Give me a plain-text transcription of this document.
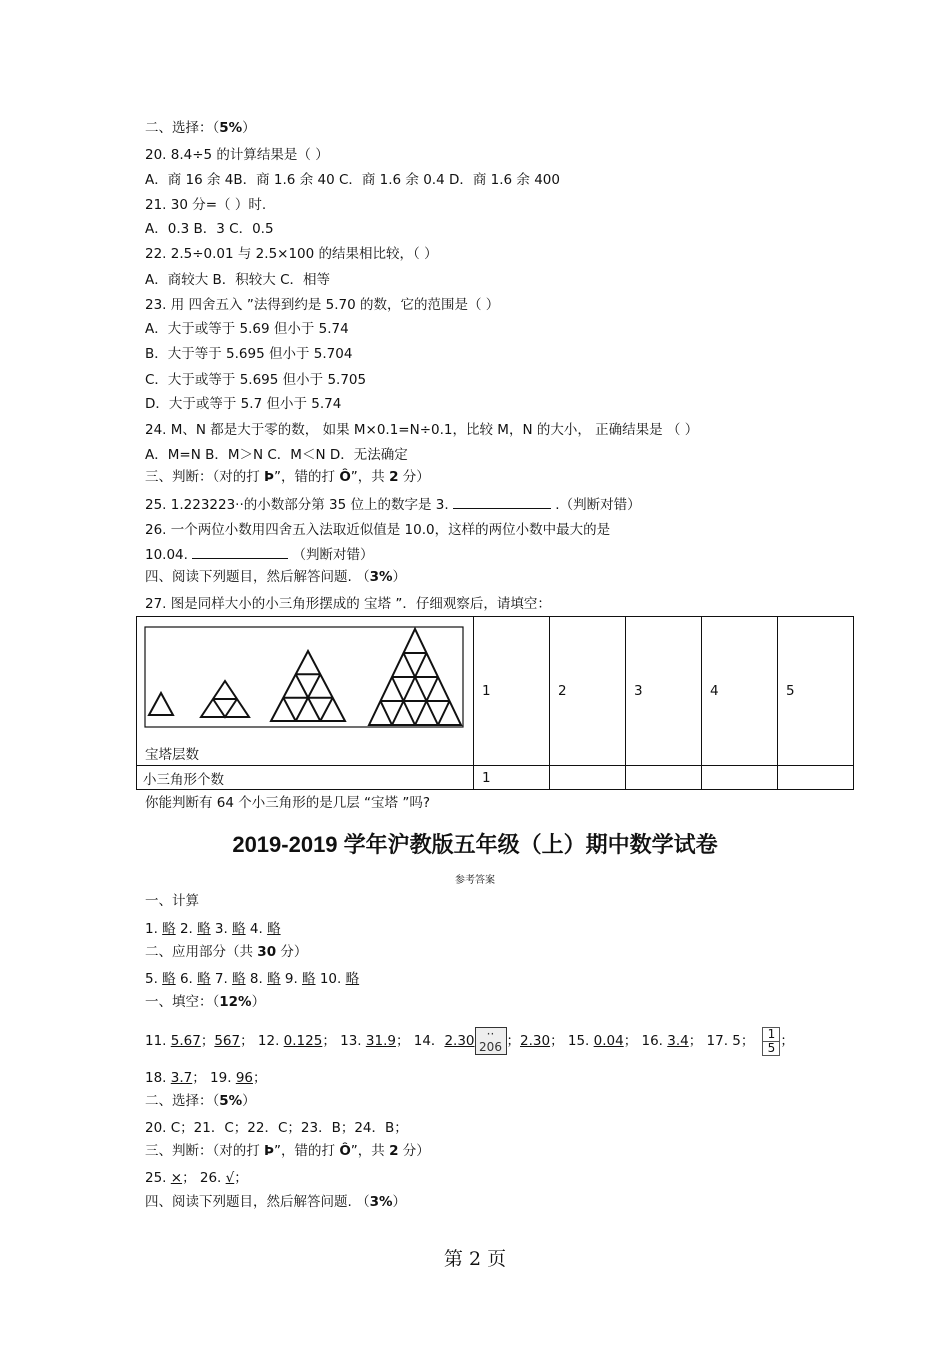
二、选择：（5%）
20. 8.4÷5 的计算结果是（ ）
A．商 16 余 4B．商 1.6 余 40 C．商 1.6 余 0.4 D．商 1.6 余 400
21. 30 分=（ ）时.
A．0.3 B．3 C．0.5
22. 2.5÷0.01 与 2.5×100 的结果相比较，（ ）
A．商较大 B．积较大 C．相等
23. 用 四舍五入 ”法得到约是 5.70 的数，它的范围是（ ）
A．大于或等于 5.69 但小于 5.74
B．大于等于 5.695 但小于 5.704
C．大于或等于 5.695 但小于 5.705
D．大于或等于 5.7 但小于 5.74
24. M、N 都是大于零的数， 如果 M×0.1=N÷0.1，比较 M，N 的大小， 正确结果是 （ ）
A．M=N B．M＞N C．M＜N D．无法确定
三、判断：（对的打 Þ”，错的打 Ô”，共 2 分）
25. 1.223223··的小数部分第 35 位上的数字是 3.	.（判断对错）
26. 一个两位小数用四舍五入法取近似值是 10.0，这样的两位小数中最大的是
10.04.	（判断对错）
四、阅读下列题目，然后解答问题. （3%）
27. 图是同样大小的小三角形摆成的 宝塔 ”．仔细观察后，请填空：
宝塔层数	1	2	3	4	5
小三角形个数	1				
你能判断有 64 个小三角形的是几层 “宝塔 ”吗?
2019-2019 学年沪教版五年级（上）期中数学试卷
参考答案
一、计算
1. 略 2. 略 3. 略 4. 略
二、应用部分（共 30 分）
5. 略 6. 略 7. 略 8. 略 9. 略 10. 略
一、填空：（12%）
11. 5.67；567； 12. 0.125； 13. 31.9； 14．2.30 ··
206 ；2.30； 15. 0.04； 16. 3.4； 17. 5； $\frac{1}{5}$ ；
18. 3.7； 19. 96；
二、选择：（5%）
20. C；21．C；22．C；23．B；24．B；
三、判断：（对的打 Þ”，错的打 Ô”，共 2 分）
25. ×； 26. √；
四、阅读下列题目，然后解答问题. （3%）
第 2 页
